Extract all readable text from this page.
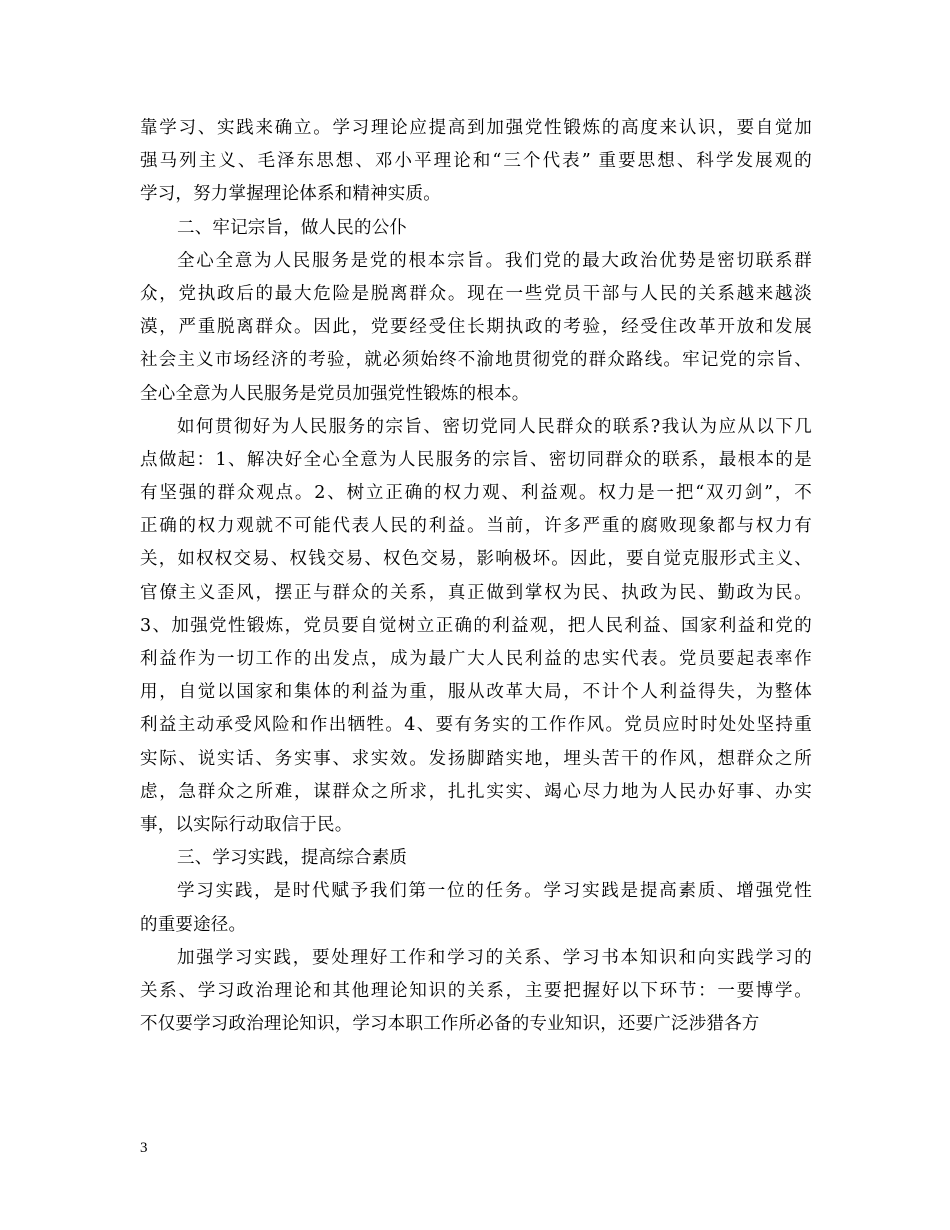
靠学习、实践来确立。学习理论应提高到加强党性锻炼的高度来认识，要自觉加
强马列主义、毛泽东思想、邓小平理论和“三个代表” 重要思想、科学发展观的
学习，努力掌握理论体系和精神实质。
二、牢记宗旨，做人民的公仆
全心全意为人民服务是党的根本宗旨。我们党的最大政治优势是密切联系群
众，党执政后的最大危险是脱离群众。现在一些党员干部与人民的关系越来越淡
漠，严重脱离群众。因此，党要经受住长期执政的考验，经受住改革开放和发展
社会主义市场经济的考验，就必须始终不渝地贯彻党的群众路线。牢记党的宗旨、
全心全意为人民服务是党员加强党性锻炼的根本。
如何贯彻好为人民服务的宗旨、密切党同人民群众的联系?我认为应从以下几
点做起：1、解决好全心全意为人民服务的宗旨、密切同群众的联系，最根本的是
有坚强的群众观点。2、树立正确的权力观、利益观。权力是一把“双刃剑”，不
正确的权力观就不可能代表人民的利益。当前，许多严重的腐败现象都与权力有
关，如权权交易、权钱交易、权色交易，影响极坏。因此，要自觉克服形式主义、
官僚主义歪风，摆正与群众的关系，真正做到掌权为民、执政为民、勤政为民。
3、加强党性锻炼，党员要自觉树立正确的利益观，把人民利益、国家利益和党的
利益作为一切工作的出发点，成为最广大人民利益的忠实代表。党员要起表率作
用，自觉以国家和集体的利益为重，服从改革大局，不计个人利益得失，为整体
利益主动承受风险和作出牺牲。4、要有务实的工作作风。党员应时时处处坚持重
实际、说实话、务实事、求实效。发扬脚踏实地，埋头苦干的作风，想群众之所
虑，急群众之所难，谋群众之所求，扎扎实实、竭心尽力地为人民办好事、办实
事，以实际行动取信于民。
三、学习实践，提高综合素质
学习实践，是时代赋予我们第一位的任务。学习实践是提高素质、增强党性
的重要途径。
加强学习实践，要处理好工作和学习的关系、学习书本知识和向实践学习的
关系、学习政治理论和其他理论知识的关系，主要把握好以下环节：一要博学。
不仅要学习政治理论知识，学习本职工作所必备的专业知识，还要广泛涉猎各方
3
